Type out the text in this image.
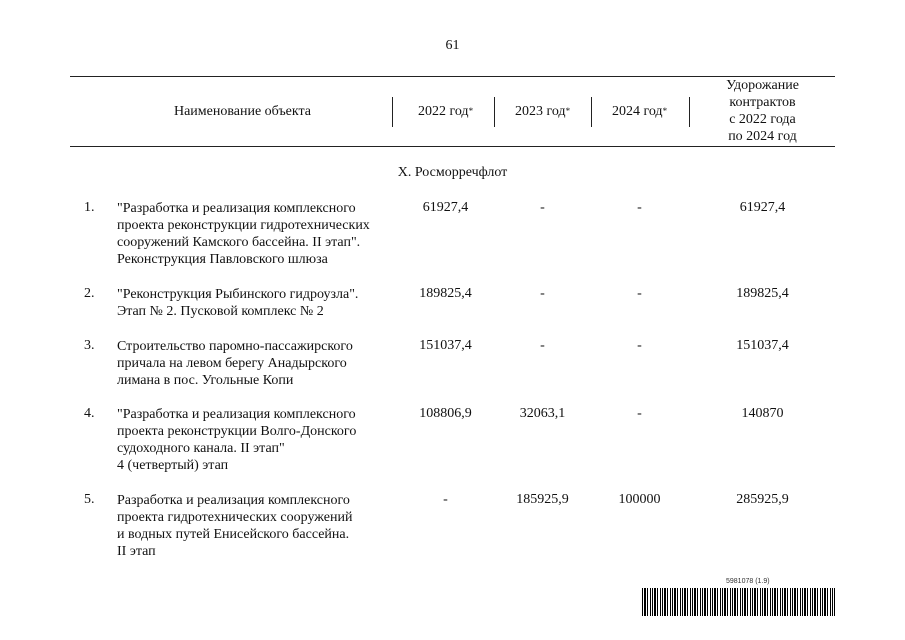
61
Наименование объекта	2022 год *	2023 год *	2024 год *
Удорожание
контрактов
с 2022 года
по 2024 год
X. Росморречфлот
1. "Разработка и реализация комплексного
проекта реконструкции гидротехнических
сооружений Камского бассейна. II этап".
Реконструкция Павловского шлюза
61927,4	-	-	61927,4
2. "Реконструкция Рыбинского гидроузла".
Этап № 2. Пусковой комплекс № 2
189825,4	-	-	189825,4
3. Строительство паромно-пассажирского
причала на левом берегу Анадырского
лимана в пос. Угольные Копи
151037,4	-	-	151037,4
4. "Разработка и реализация комплексного
проекта реконструкции Волго-Донского
судоходного канала. II этап"
4 (четвертый) этап
108806,9	32063,1	-	140870
5. Разработка и реализация комплексного
проекта гидротехнических сооружений
и водных путей Енисейского бассейна.
II этап
-	185925,9	100000	285925,9
5981078 (1.9)
